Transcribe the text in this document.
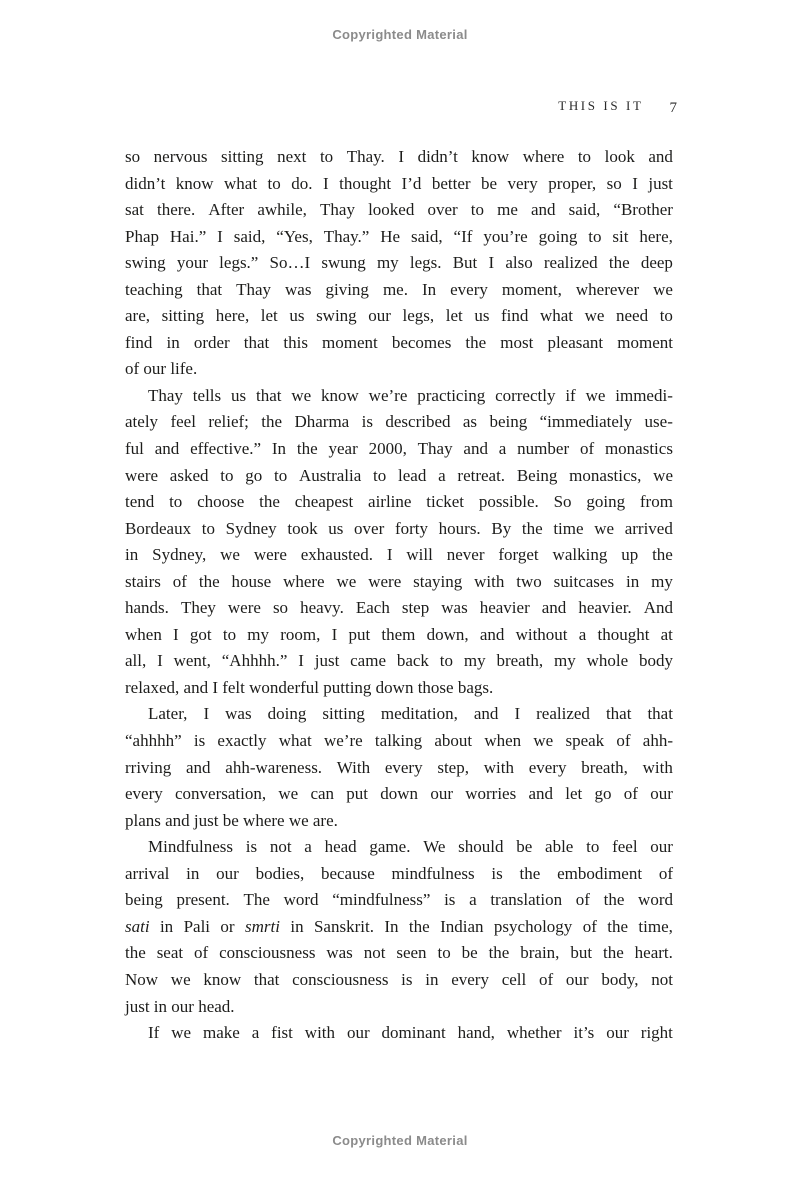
Copyrighted Material
THIS IS IT 7
so nervous sitting next to Thay. I didn’t know where to look and
didn’t know what to do. I thought I’d better be very proper, so I just
sat there. After awhile, Thay looked over to me and said, “Brother
Phap Hai.” I said, “Yes, Thay.” He said, “If you’re going to sit here,
swing your legs.” So…I swung my legs. But I also realized the deep
teaching that Thay was giving me. In every moment, wherever we
are, sitting here, let us swing our legs, let us find what we need to
find in order that this moment becomes the most pleasant moment
of our life.
Thay tells us that we know we’re practicing correctly if we immedi-
ately feel relief; the Dharma is described as being “immediately use-
ful and effective.” In the year 2000, Thay and a number of monastics
were asked to go to Australia to lead a retreat. Being monastics, we
tend to choose the cheapest airline ticket possible. So going from
Bordeaux to Sydney took us over forty hours. By the time we arrived
in Sydney, we were exhausted. I will never forget walking up the
stairs of the house where we were staying with two suitcases in my
hands. They were so heavy. Each step was heavier and heavier. And
when I got to my room, I put them down, and without a thought at
all, I went, “Ahhhh.” I just came back to my breath, my whole body
relaxed, and I felt wonderful putting down those bags.
Later, I was doing sitting meditation, and I realized that that
“ahhhh” is exactly what we’re talking about when we speak of ahh-
rriving and ahh-wareness. With every step, with every breath, with
every conversation, we can put down our worries and let go of our
plans and just be where we are.
Mindfulness is not a head game. We should be able to feel our
arrival in our bodies, because mindfulness is the embodiment of
being present. The word “mindfulness” is a translation of the word
sati in Pali or smrti in Sanskrit. In the Indian psychology of the time,
the seat of consciousness was not seen to be the brain, but the heart.
Now we know that consciousness is in every cell of our body, not
just in our head.
If we make a fist with our dominant hand, whether it’s our right
Copyrighted Material
